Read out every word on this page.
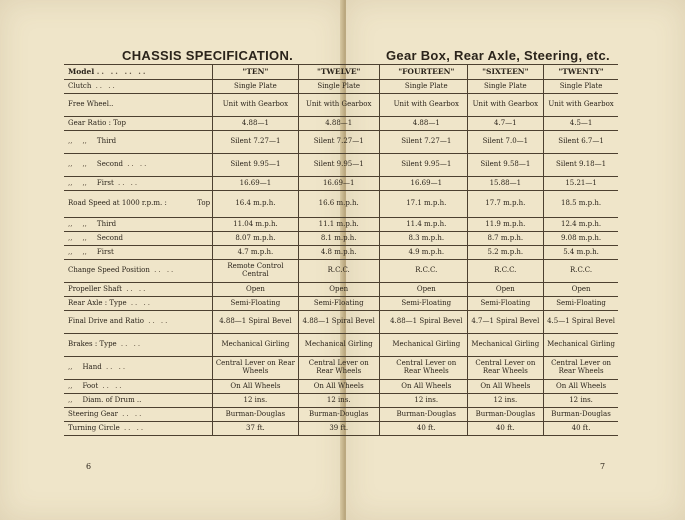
CHASSIS SPECIFICATION.	Gear Box, Rear Axle, Steering, etc.
Model .. .. .. ..	"TEN"	"TWELVE"		"FOURTEEN"	"SIXTEEN"	"TWENTY"
Clutch .. ..	Single Plate	Single Plate		Single Plate	Single Plate	Single Plate
Free Wheel..	Unit with Gearbox	Unit with Gearbox		Unit with Gearbox	Unit with Gearbox	Unit with Gearbox
Gear Ratio : Top	4.88—1	4.88—1		4.88—1	4.7—1	4.5—1
,, ,, Third	Silent 7.27—1	Silent 7.27—1		Silent 7.27—1	Silent 7.0—1	Silent 6.7—1
,, ,, Second .. ..	Silent 9.95—1	Silent 9.95—1		Silent 9.95—1	Silent 9.58—1	Silent 9.18—1
,, ,, First .. ..	16.69—1	16.69—1		16.69—1	15.88—1	15.21—1
Road Speed at 1000 r.p.m. : Top	16.4 m.p.h.	16.6 m.p.h.		17.1 m.p.h.	17.7 m.p.h.	18.5 m.p.h.
,, ,, Third	11.04 m.p.h.	11.1 m.p.h.		11.4 m.p.h.	11.9 m.p.h.	12.4 m.p.h.
,, ,, Second	8.07 m.p.h.	8.1 m.p.h.		8.3 m.p.h.	8.7 m.p.h.	9.08 m.p.h.
,, ,, First	4.7 m.p.h.	4.8 m.p.h.		4.9 m.p.h.	5.2 m.p.h.	5.4 m.p.h.
Change Speed Position .. ..	Remote Control Central	R.C.C.		R.C.C.	R.C.C.	R.C.C.
Propeller Shaft .. ..	Open	Open		Open	Open	Open
Rear Axle : Type .. ..	Semi-Floating	Semi-Floating		Semi-Floating	Semi-Floating	Semi-Floating
Final Drive and Ratio .. ..	4.88—1 Spiral Bevel	4.88—1 Spiral Bevel		4.88—1 Spiral Bevel	4.7—1 Spiral Bevel	4.5—1 Spiral Bevel
Brakes : Type .. ..	Mechanical Girling	Mechanical Girling		Mechanical Girling	Mechanical Girling	Mechanical Girling
,, Hand .. ..	Central Lever on Rear Wheels	Central Lever on Rear Wheels		Central Lever on Rear Wheels	Central Lever on Rear Wheels	Central Lever on Rear Wheels
,, Foot .. ..	On All Wheels	On All Wheels		On All Wheels	On All Wheels	On All Wheels
,, Diam. of Drum ..	12 ins.	12 ins.		12 ins.	12 ins.	12 ins.
Steering Gear .. ..	Burman-Douglas	Burman-Douglas		Burman-Douglas	Burman-Douglas	Burman-Douglas
Turning Circle .. ..	37 ft.	39 ft.		40 ft.	40 ft.	40 ft.
6	7
